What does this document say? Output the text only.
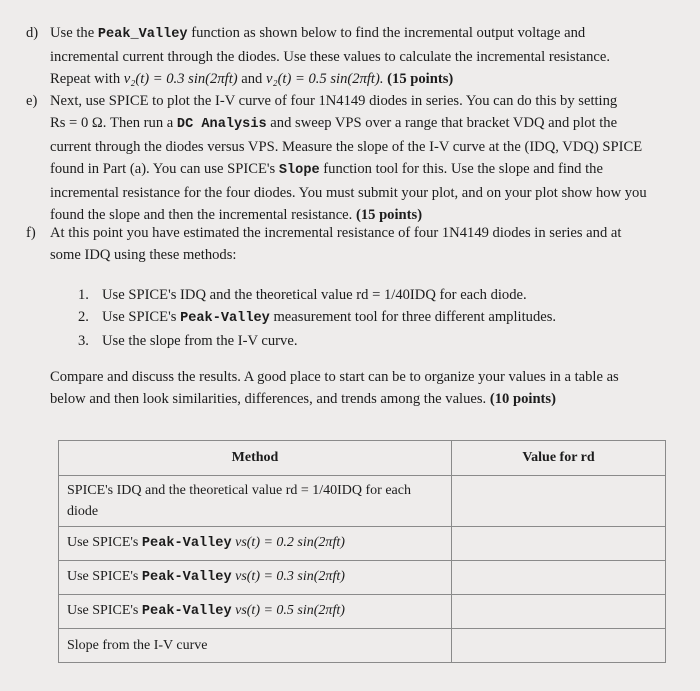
d) Use the Peak_Valley function as shown below to find the incremental output voltage and
incremental current through the diodes. Use these values to calculate the incremental resistance.
Repeat with v₂(t) = 0.3 sin(2πft) and v₂(t) = 0.5 sin(2πft). (15 points)
e) Next, use SPICE to plot the I-V curve of four 1N4149 diodes in series. You can do this by setting
Rs = 0 Ω. Then run a DC Analysis and sweep VPS over a range that bracket VDQ and plot the
current through the diodes versus VPS. Measure the slope of the I-V curve at the (IDQ, VDQ) SPICE
found in Part (a). You can use SPICE's Slope function tool for this. Use the slope and find the
incremental resistance for the four diodes. You must submit your plot, and on your plot show how you
found the slope and then the incremental resistance. (15 points)
f) At this point you have estimated the incremental resistance of four 1N4149 diodes in series and at
some IDQ using these methods:
1. Use SPICE's IDQ and the theoretical value rd = 1/40IDQ for each diode.
2. Use SPICE's Peak-Valley measurement tool for three different amplitudes.
3. Use the slope from the I-V curve.
Compare and discuss the results. A good place to start can be to organize your values in a table as
below and then look similarities, differences, and trends among the values. (10 points)
Method	Value for rd

SPICE's IDQ and the theoretical value rd = 1/40IDQ for each
diode	

Use SPICE's Peak-Valley vs(t) = 0.2 sin(2πft)	
Use SPICE's Peak-Valley vs(t) = 0.3 sin(2πft)	
Use SPICE's Peak-Valley vs(t) = 0.5 sin(2πft)	
Slope from the I-V curve	
